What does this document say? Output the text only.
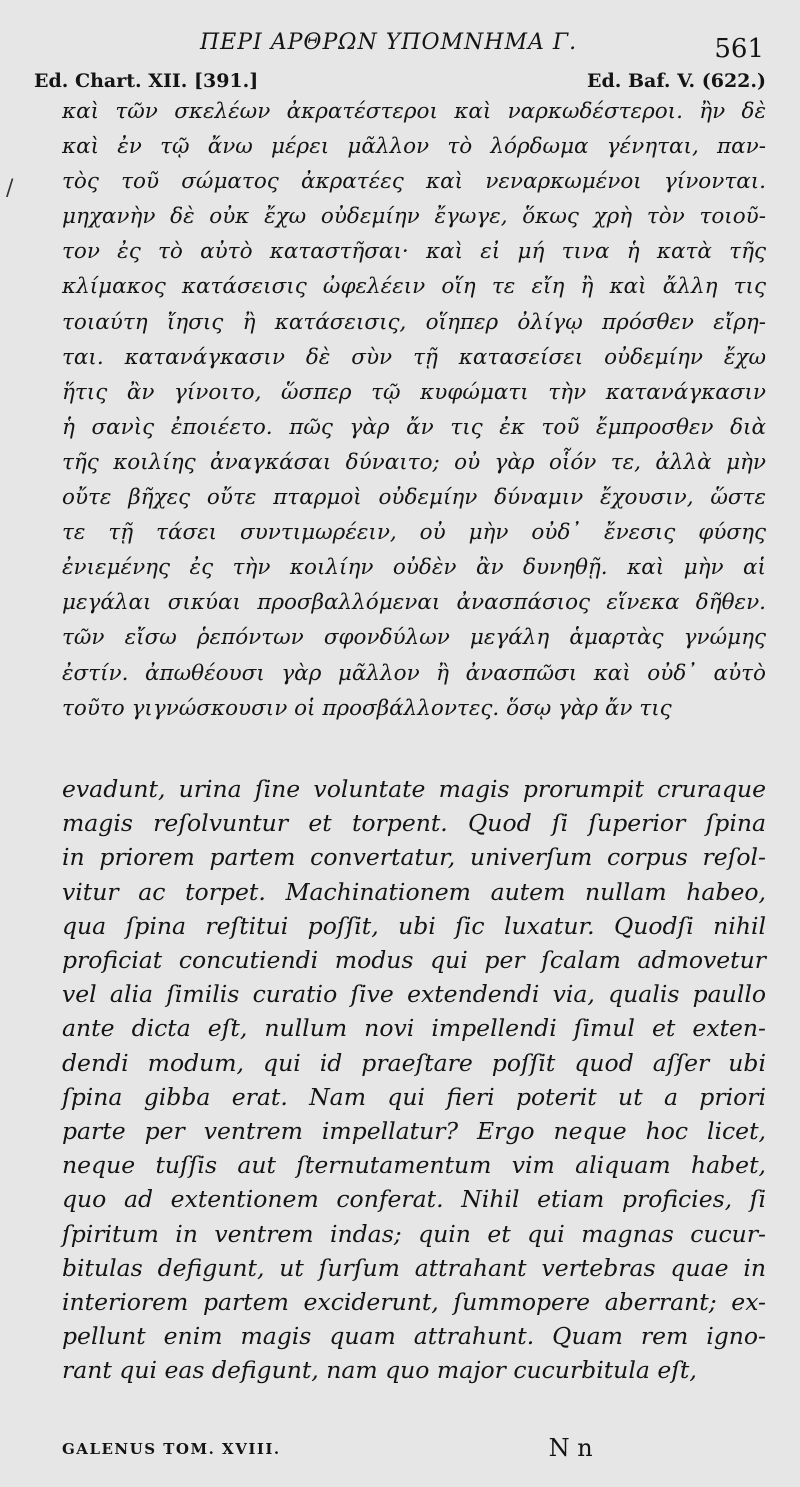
ΠΕΡΙ ΑΡΘΡΩΝ ΥΠΟΜΝΗΜΑ Γ.	561
Ed. Chart. XII. [391.]	Ed. Baf. V. (622.)
/
καὶ τῶν σκελέων ἀκρατέστεροι καὶ ναρκωδέστεροι. ἢν δὲ
καὶ ἐν τῷ ἄνω μέρει μᾶλλον τὸ λόρδωμα γένηται, παν-
τὸς τοῦ σώματος ἀκρατέες καὶ νεναρκωμένοι γίνονται.
μηχανὴν δὲ οὐκ ἔχω οὐδεμίην ἔγωγε, ὅκως χρὴ τὸν τοιοῦ-
τον ἐς τὸ αὐτὸ καταστῆσαι· καὶ εἰ μή τινα ἡ κατὰ τῆς
κλίμακος κατάσεισις ὠφελέειν οἵη τε εἴη ἢ καὶ ἄλλη τις
τοιαύτη ἴησις ἢ κατάσεισις, οἵηπερ ὀλίγῳ πρόσθεν εἴρη-
ται. κατανάγκασιν δὲ σὺν τῇ κατασείσει οὐδεμίην ἔχω
ἥτις ἂν γίνοιτο, ὥσπερ τῷ κυφώματι τὴν κατανάγκασιν
ἡ σανὶς ἐποιέετο. πῶς γὰρ ἄν τις ἐκ τοῦ ἔμπροσθεν διὰ
τῆς κοιλίης ἀναγκάσαι δύναιτο; οὐ γὰρ οἷόν τε, ἀλλὰ μὴν
οὔτε βῆχες οὔτε πταρμοὶ οὐδεμίην δύναμιν ἔχουσιν, ὥστε
τε τῇ τάσει συντιμωρέειν, οὐ μὴν οὐδ᾽ ἔνεσις φύσης
ἐνιεμένης ἐς τὴν κοιλίην οὐδὲν ἂν δυνηθῇ. καὶ μὴν αἱ
μεγάλαι σικύαι προσβαλλόμεναι ἀνασπάσιος εἵνεκα δῆθεν.
τῶν εἴσω ῥεπόντων σφονδύλων μεγάλη ἁμαρτὰς γνώμης
ἐστίν. ἀπωθέουσι γὰρ μᾶλλον ἢ ἀνασπῶσι καὶ οὐδ᾽ αὐτὸ
τοῦτο γιγνώσκουσιν οἱ προσβάλλοντες. ὅσῳ γὰρ ἄν τις
evadunt, urina ſine voluntate magis prorumpit cruraque
magis reſolvuntur et torpent. Quod ſi ſuperior ſpina
in priorem partem convertatur, univerſum corpus reſol-
vitur ac torpet. Machinationem autem nullam habeo,
qua ſpina reſtitui poſſit, ubi ſic luxatur. Quodſi nihil
proficiat concutiendi modus qui per ſcalam admovetur
vel alia ſimilis curatio ſive extendendi via, qualis paullo
ante dicta eſt, nullum novi impellendi ſimul et exten-
dendi modum, qui id praeſtare poſſit quod aſſer ubi
ſpina gibba erat. Nam qui fieri poterit ut a priori
parte per ventrem impellatur? Ergo neque hoc licet,
neque tuſſis aut ſternutamentum vim aliquam habet,
quo ad extentionem conferat. Nihil etiam proficies, ſi
ſpiritum in ventrem indas; quin et qui magnas cucur-
bitulas defigunt, ut ſurſum attrahant vertebras quae in
interiorem partem exciderunt, ſummopere aberrant; ex-
pellunt enim magis quam attrahunt. Quam rem igno-
rant qui eas defigunt, nam quo major cucurbitula eſt,
GALENUS TOM. XVIII.	N n
